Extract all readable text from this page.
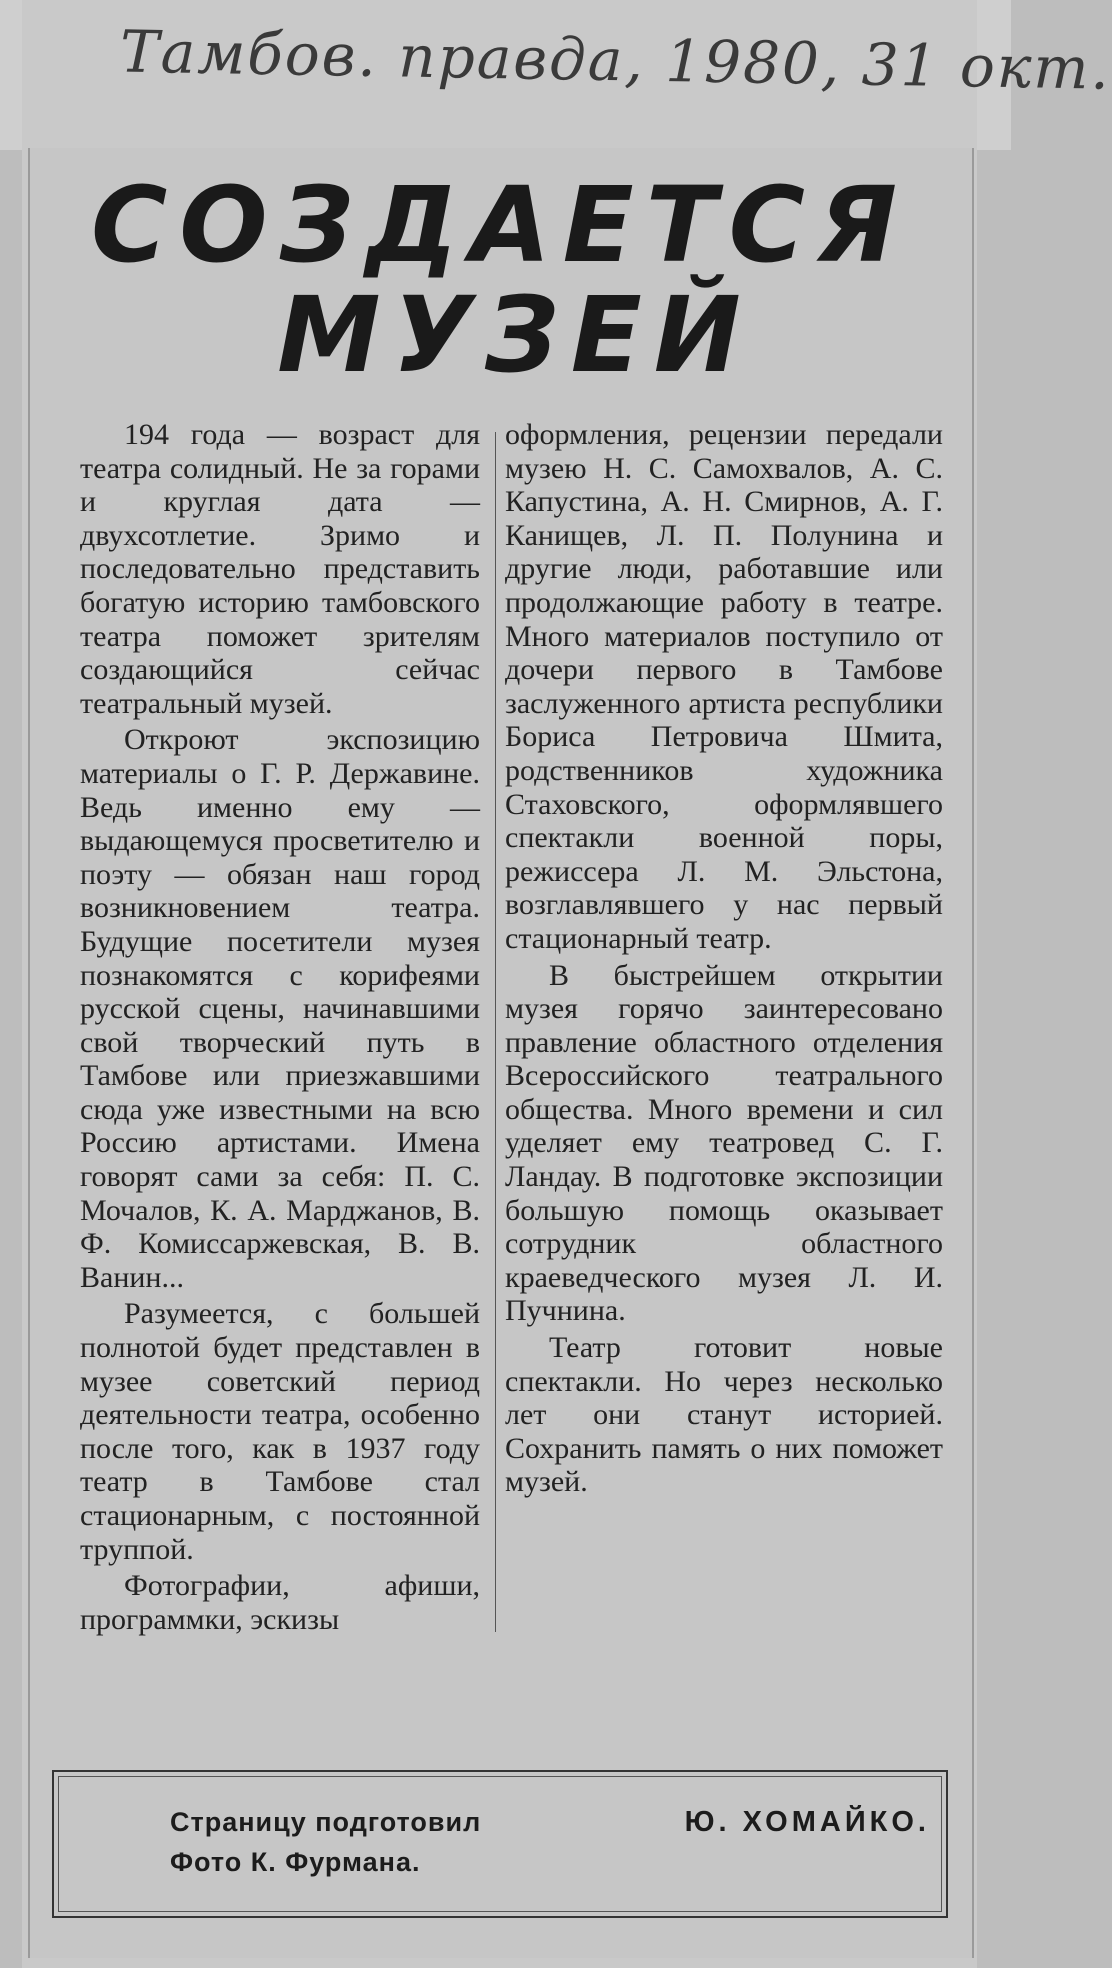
Тамбов. правда, 1980, 31 окт.
СОЗДАЕТСЯ
МУЗЕЙ

194 года — возраст для театра солидный. Не за горами и круглая дата — двухсотлетие. Зримо и последовательно представить богатую историю тамбовского театра поможет зрителям создающийся сейчас театральный музей.

Откроют экспозицию материалы о Г. Р. Державине. Ведь именно ему — выдающемуся просветителю и поэту — обязан наш город возникновением театра. Будущие посетители музея познакомятся с корифеями русской сцены, начинавшими свой творческий путь в Тамбове или приезжавшими сюда уже известными на всю Россию артистами. Имена говорят сами за себя: П. С. Мочалов, К. А. Марджанов, В. Ф. Комиссаржевская, В. В. Ванин...

Разумеется, с большей полнотой будет представлен в музее советский период деятельности театра, особенно после того, как в 1937 году театр в Тамбове стал стационарным, с постоянной труппой.

Фотографии, афиши, программки, эскизы

оформления, рецензии передали музею Н. С. Самохвалов, А. С. Капустина, А. Н. Смирнов, А. Г. Канищев, Л. П. Полунина и другие люди, работавшие или продолжающие работу в театре. Много материалов поступило от дочери первого в Тамбове заслуженного артиста республики Бориса Петровича Шмита, родственников художника Стаховского, оформлявшего спектакли военной поры, режиссера Л. М. Эльстона, возглавлявшего у нас первый стационарный театр.

В быстрейшем открытии музея горячо заинтересовано правление областного отделения Всероссийского театрального общества. Много времени и сил уделяет ему театровед С. Г. Ландау. В подготовке экспозиции большую помощь оказывает сотрудник областного краеведческого музея Л. И. Пучнина.

Театр готовит новые спектакли. Но через несколько лет они станут историей. Сохранить память о них поможет музей.

Страницу подготовил	Ю. ХОМАЙКО.
Фото К. Фурмана.
